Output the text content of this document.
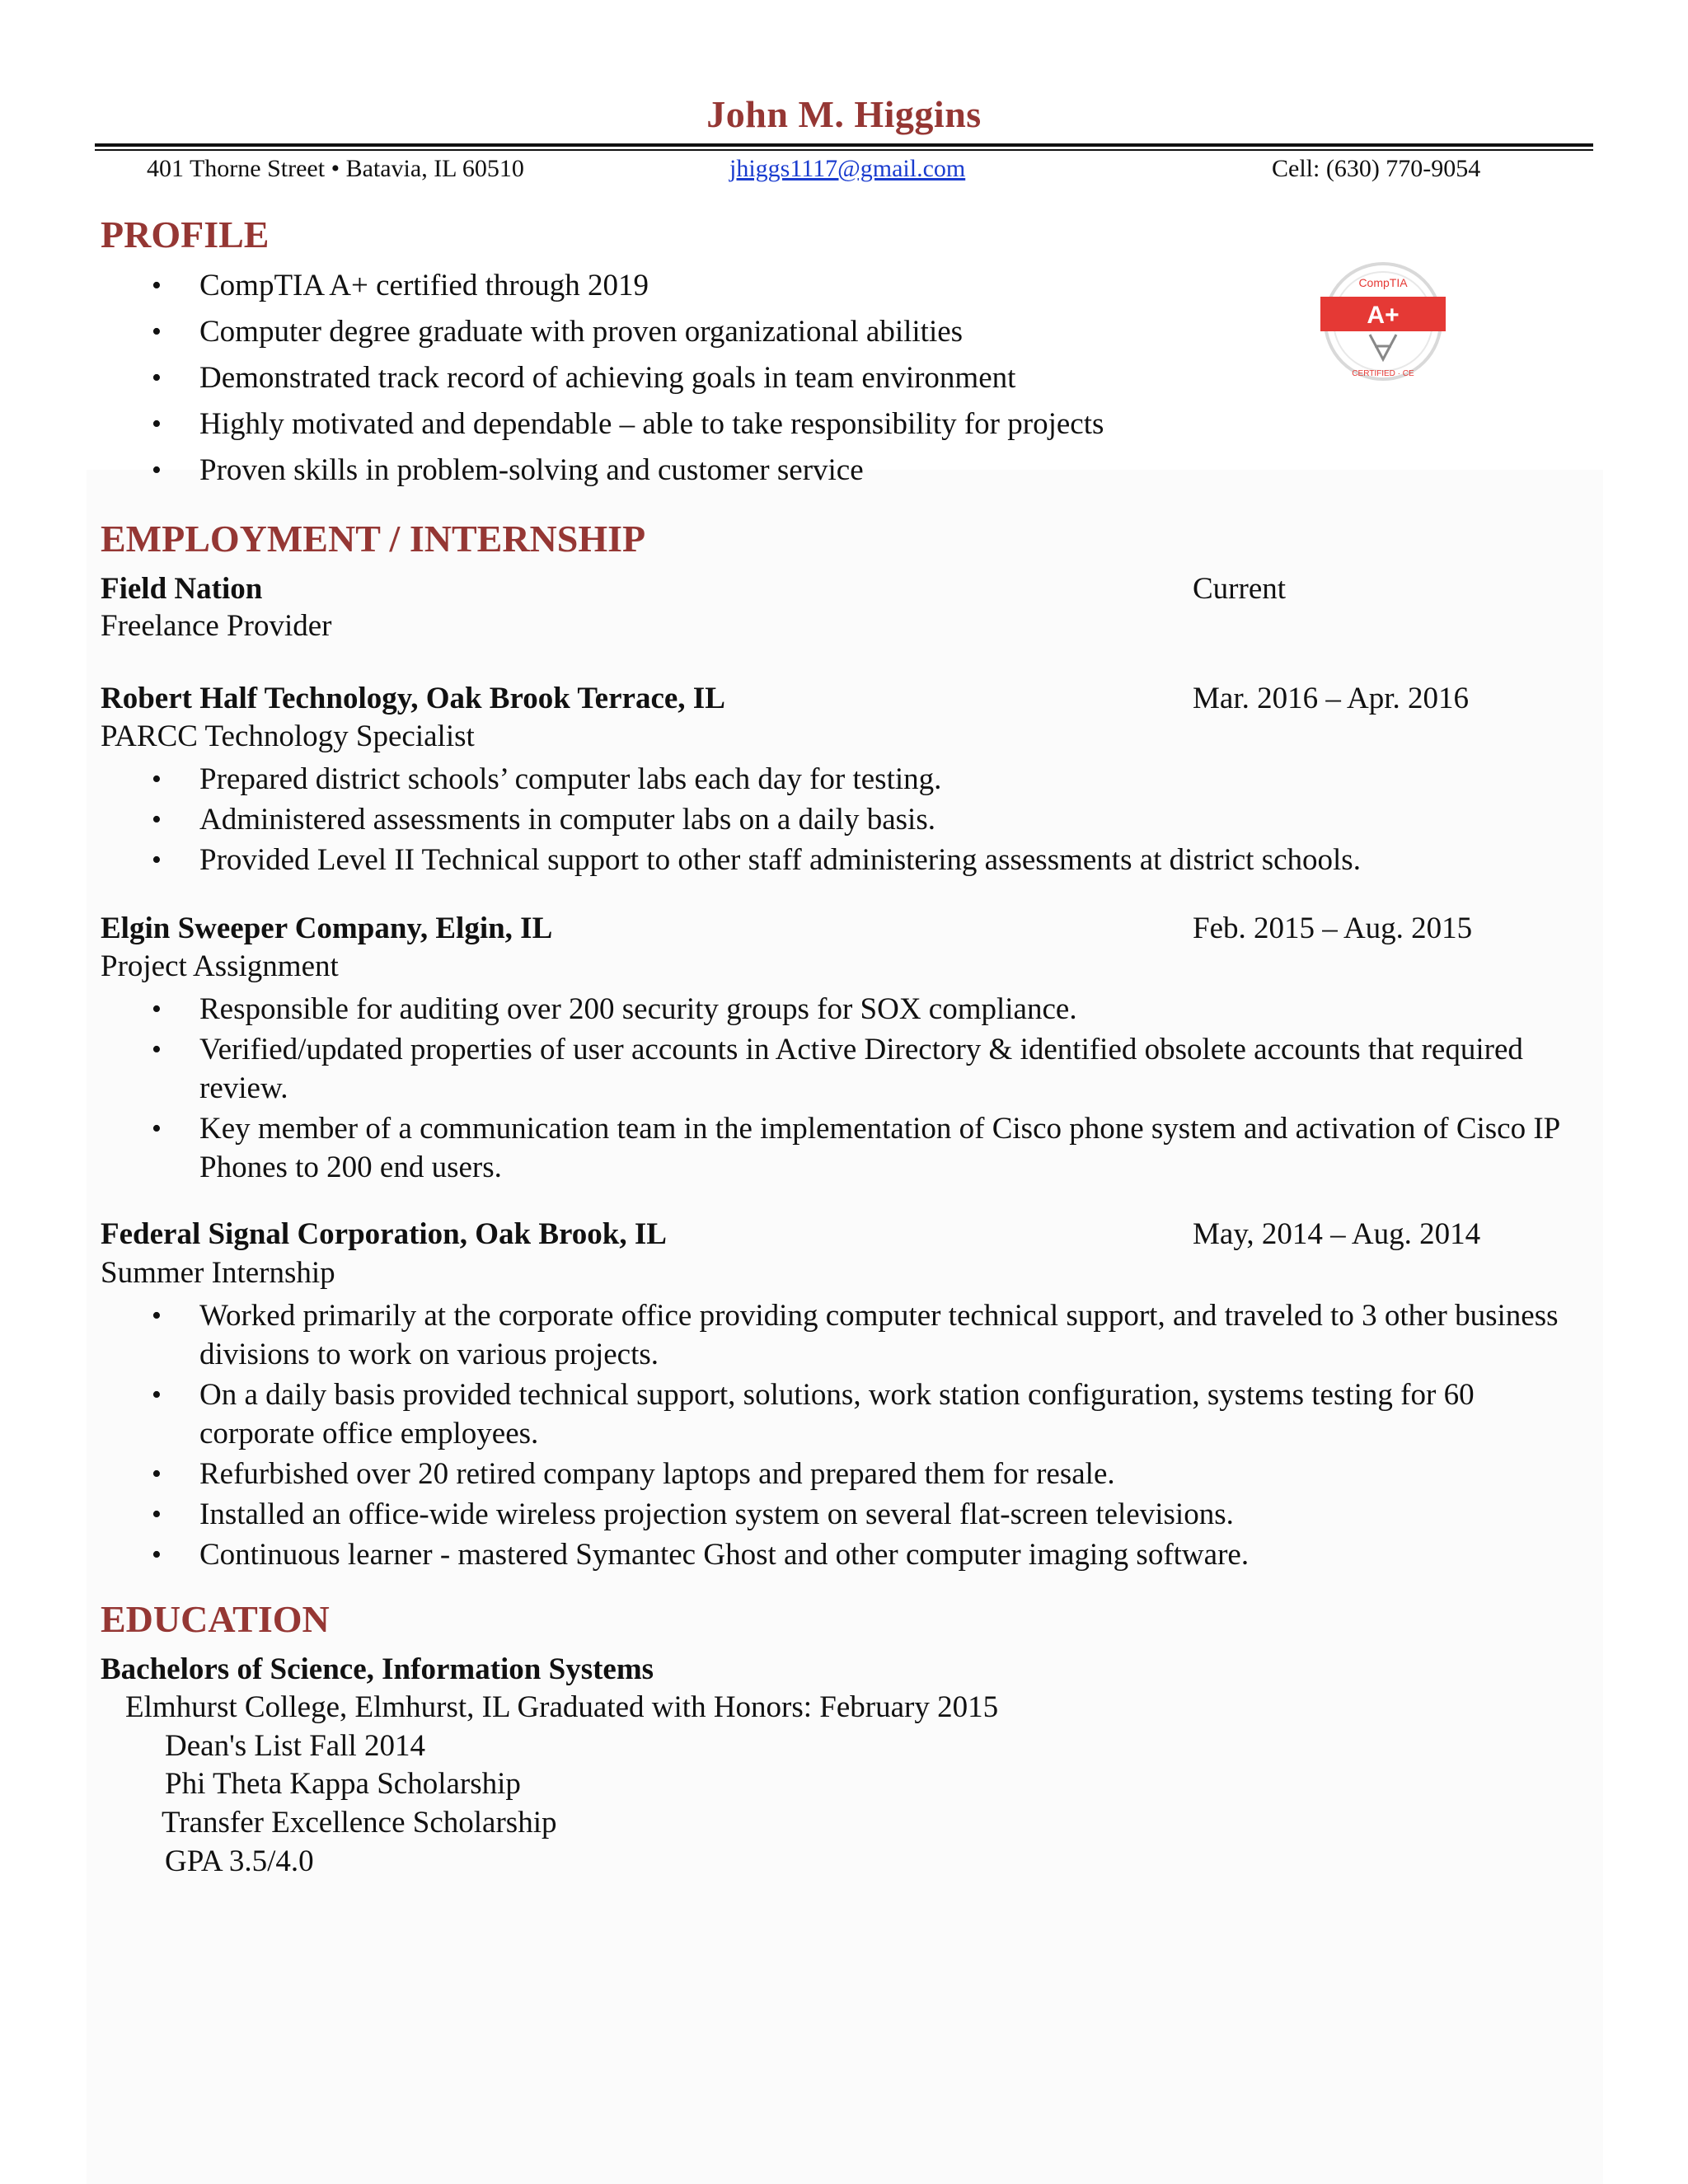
John M. Higgins
401 Thorne Street • Batavia, IL 60510	jhiggs1117@gmail.com	Cell: (630) 770-9054
PROFILE
• CompTIA A+ certified through 2019
• Computer degree graduate with proven organizational abilities
• Demonstrated track record of achieving goals in team environment
• Highly motivated and dependable – able to take responsibility for projects
• Proven skills in problem-solving and customer service
CompTIA
A+
CERTIFIED · CE
EMPLOYMENT / INTERNSHIP
Field Nation	Current
Freelance Provider
Robert Half Technology, Oak Brook Terrace, IL	Mar. 2016 – Apr. 2016
PARCC Technology Specialist
• Prepared district schools’ computer labs each day for testing.
• Administered assessments in computer labs on a daily basis.
• Provided Level II Technical support to other staff administering assessments at district schools.
Elgin Sweeper Company, Elgin, IL	Feb. 2015 – Aug. 2015
Project Assignment
• Responsible for auditing over 200 security groups for SOX compliance.
• Verified/updated properties of user accounts in Active Directory & identified obsolete accounts that required review.
• Key member of a communication team in the implementation of Cisco phone system and activation of Cisco IP Phones to 200 end users.
Federal Signal Corporation, Oak Brook, IL	May, 2014 – Aug. 2014
Summer Internship
• Worked primarily at the corporate office providing computer technical support, and traveled to 3 other business divisions to work on various projects.
• On a daily basis provided technical support, solutions, work station configuration, systems testing for 60 corporate office employees.
• Refurbished over 20 retired company laptops and prepared them for resale.
• Installed an office-wide wireless projection system on several flat-screen televisions.
• Continuous learner - mastered Symantec Ghost and other computer imaging software.
EDUCATION
Bachelors of Science, Information Systems
Elmhurst College, Elmhurst, IL Graduated with Honors: February 2015
Dean's List Fall 2014
Phi Theta Kappa Scholarship
Transfer Excellence Scholarship
GPA 3.5/4.0
